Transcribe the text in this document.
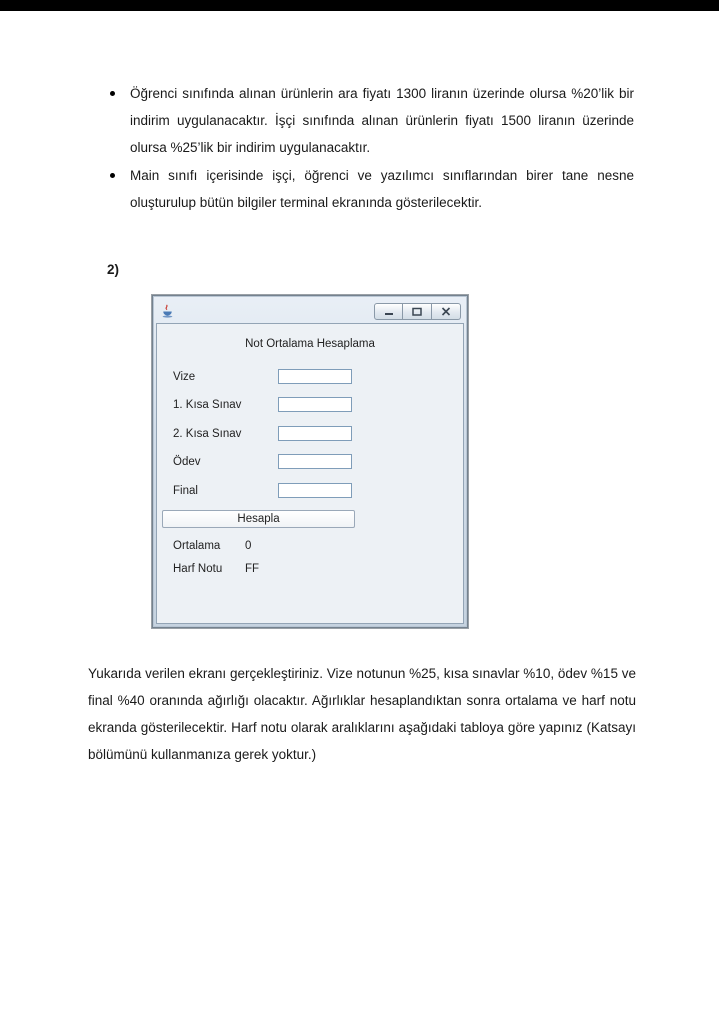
Öğrenci sınıfında alınan ürünlerin ara fiyatı 1300 liranın üzerinde olursa %20’lik bir indirim uygulanacaktır. İşçi sınıfında alınan ürünlerin fiyatı 1500 liranın üzerinde olursa %25’lik bir indirim uygulanacaktır.
Main sınıfı içerisinde işçi, öğrenci ve yazılımcı sınıflarından birer tane nesne oluşturulup bütün bilgiler terminal ekranında gösterilecektir.
2)
Not Ortalama Hesaplama
Vize
1. Kısa Sınav
2. Kısa Sınav
Ödev
Final
Hesapla
Ortalama 0
Harf Notu FF
Yukarıda verilen ekranı gerçekleştiriniz. Vize notunun %25, kısa sınavlar %10, ödev %15 ve final %40 oranında ağırlığı olacaktır. Ağırlıklar hesaplandıktan sonra ortalama ve harf notu ekranda gösterilecektir. Harf notu olarak aralıklarını aşağıdaki tabloya göre yapınız (Katsayı bölümünü kullanmanıza gerek yoktur.)
